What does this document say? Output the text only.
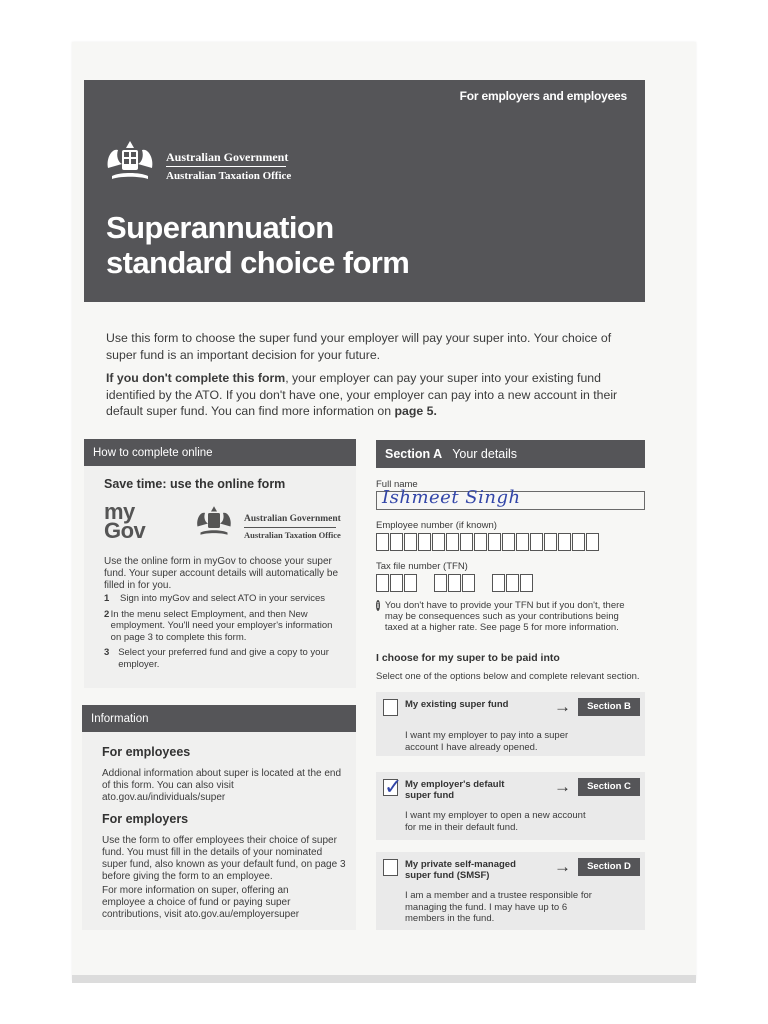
For employers and employees
Australian Government
Australian Taxation Office
Superannuation
standard choice form

Use this form to choose the super fund your employer will pay your super into. Your choice of super fund is an important decision for your future.

If you don't complete this form, your employer can pay your super into your existing fund identified by the ATO. If you don't have one, your employer can pay into a new account in their default super fund. You can find more information on page 5.

How to complete online
Save time: use the online form
my
Gov	Australian Government
Australian Taxation Office
Use the online form in myGov to choose your super fund. Your super account details will automatically be filled in for you.
1	Sign into myGov and select ATO in your services
2 In the menu select Employment, and then New employment. You'll need your employer's information on page 3 to complete this form.
3 Select your preferred fund and give a copy to your employer.
Information
For employees
Addional information about super is located at the end of this form. You can also visit ato.gov.au/individuals/super
For employers
Use the form to offer employees their choice of super fund. You must fill in the details of your nominated super fund, also known as your default fund, on page 3 before giving the form to an employee.
For more information on super, offering an employee a choice of fund or paying super contributions, visit ato.gov.au/employersuper
Section A Your details
Full name
Ishmeet Singh
Employee number (if known)
Tax file number (TFN)
i You don't have to provide your TFN but if you don't, there may be consequences such as your contributions being taxed at a higher rate. See page 5 for more information.
I choose for my super to be paid into
Select one of the options below and complete relevant section.
My existing super fund	→	Section B
I want my employer to pay into a super account I have already opened.
My employer's default super fund	→	Section C
I want my employer to open a new account for me in their default fund.
✓
My private self-managed super fund (SMSF)	→	Section D
I am a member and a trustee responsible for managing the fund. I may have up to 6 members in the fund.
